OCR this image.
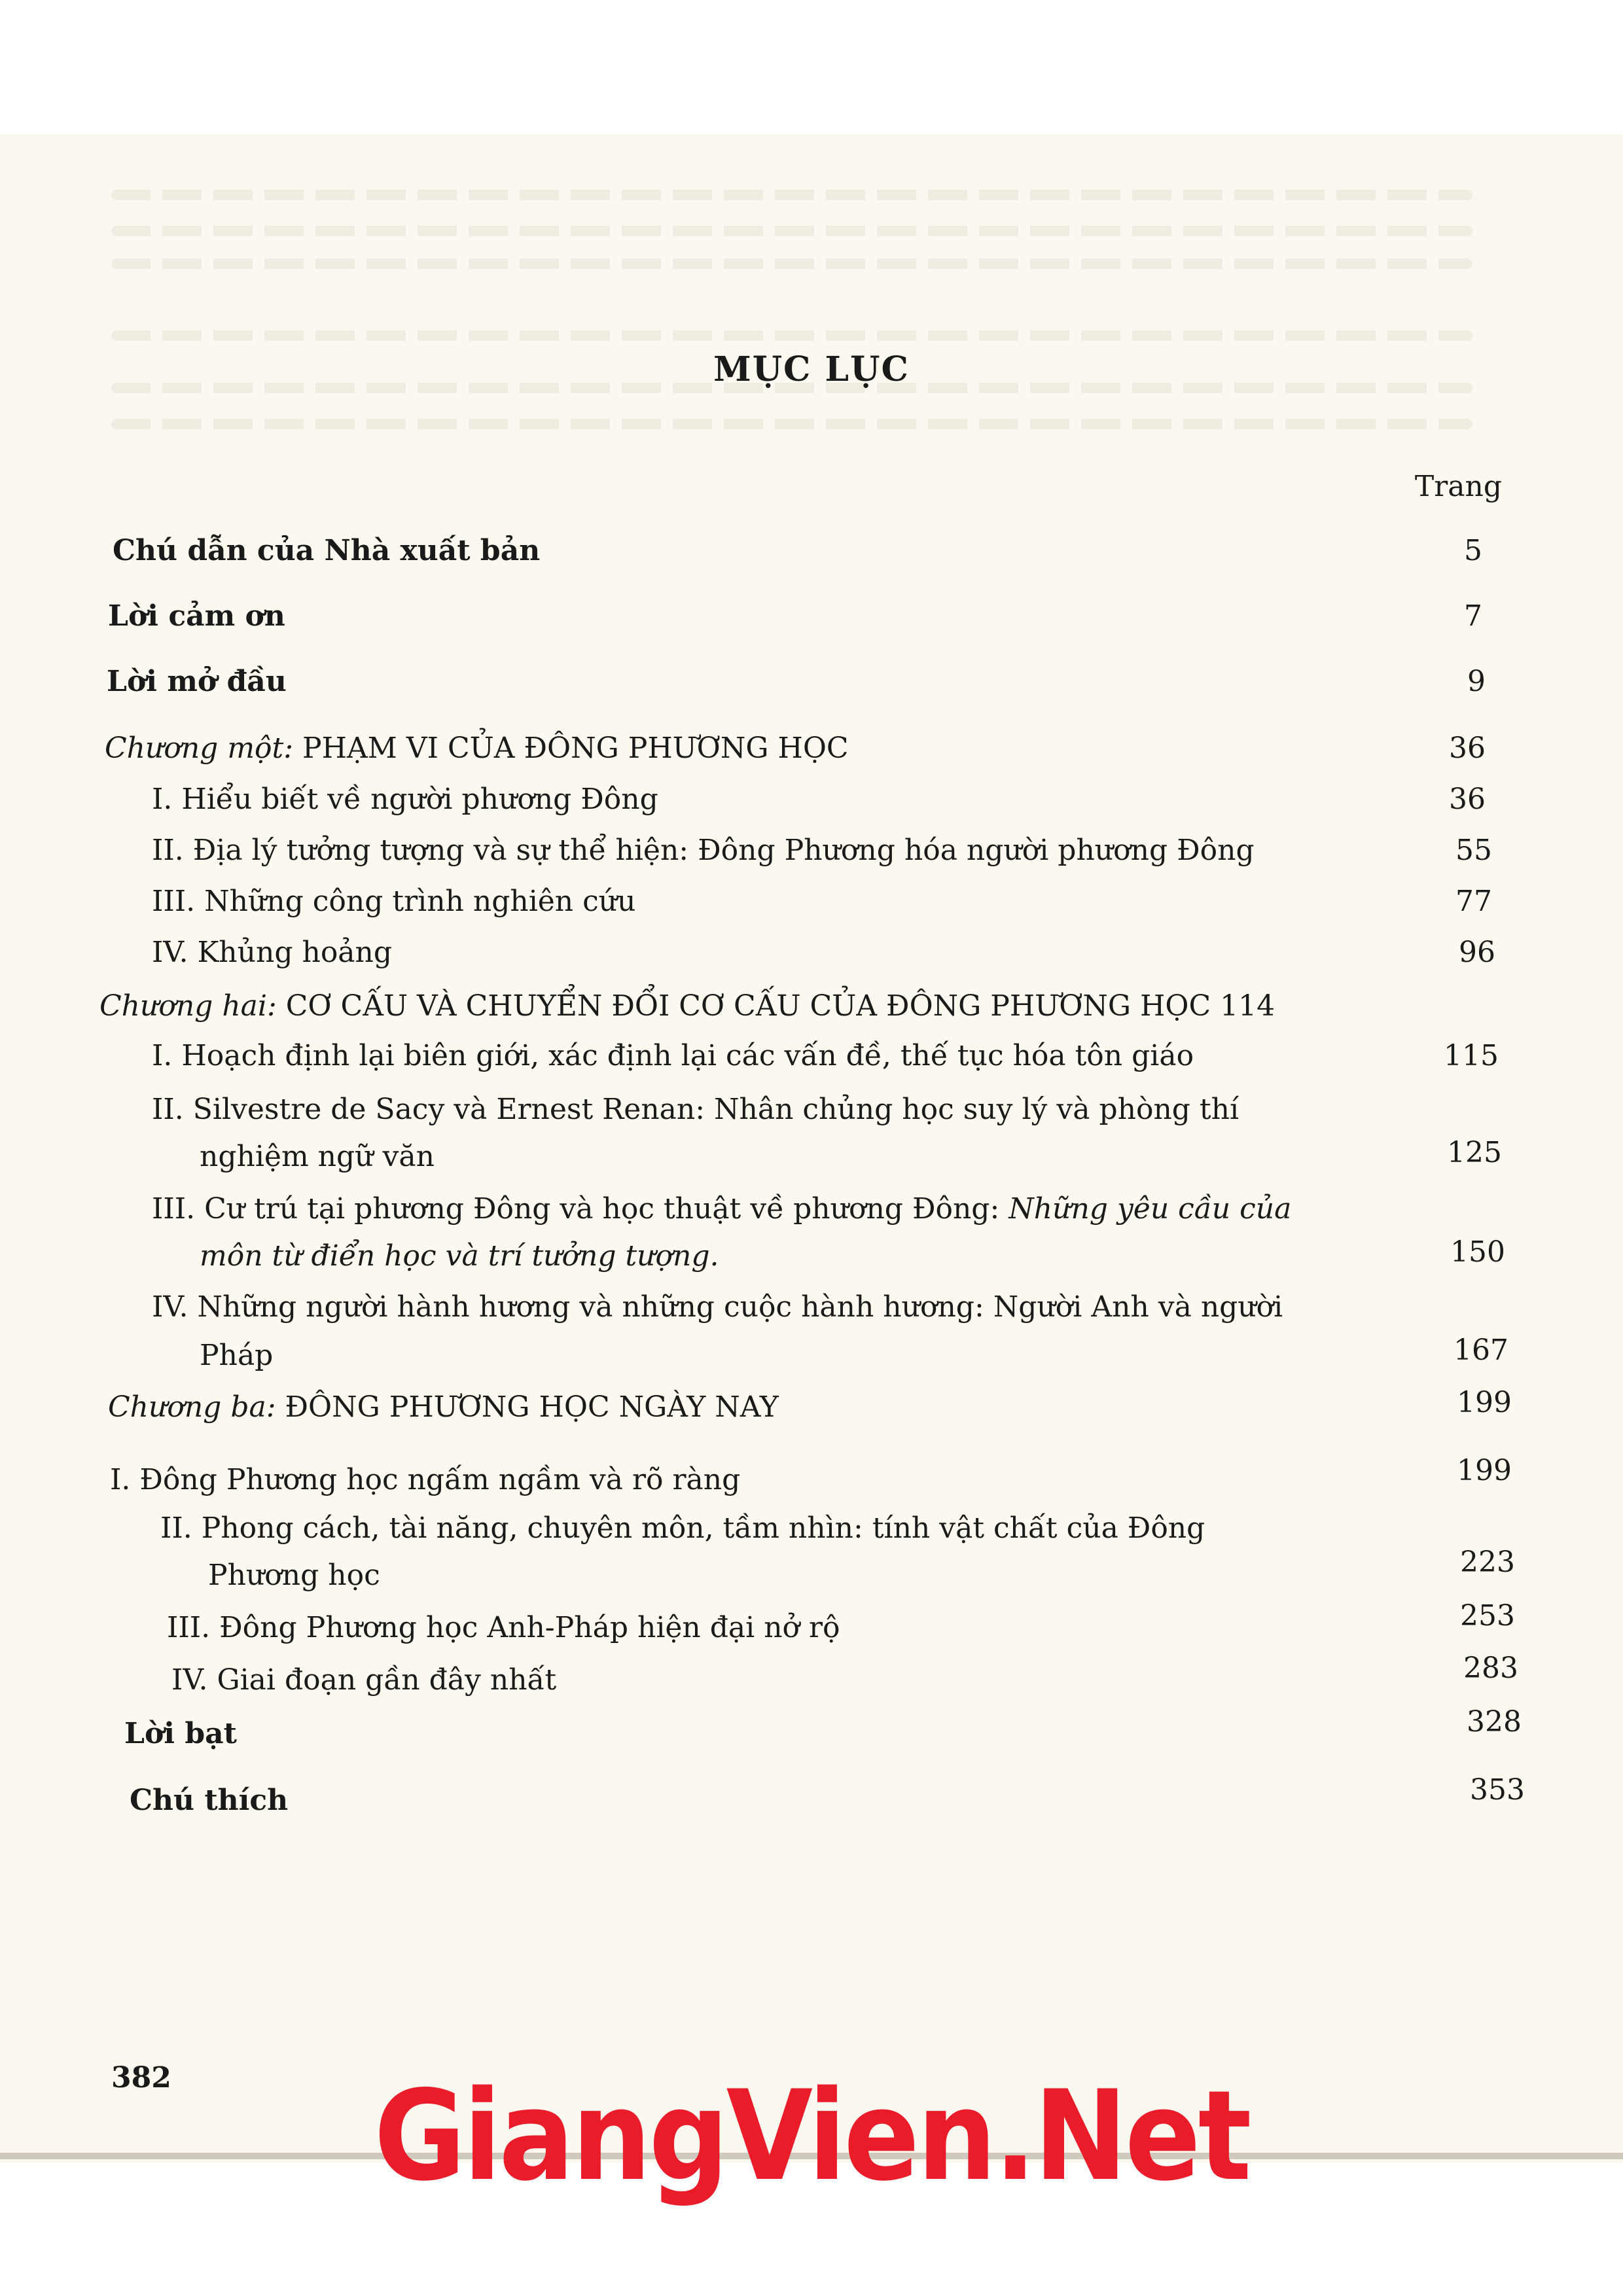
MỤC LỤC
Trang
Chú dẫn của Nhà xuất bản	5
Lời cảm ơn	7
Lời mở đầu	9
Chương một: PHẠM VI CỦA ĐÔNG PHƯƠNG HỌC	36
I. Hiểu biết về người phương Đông	36
II. Địa lý tưởng tượng và sự thể hiện: Đông Phương hóa người phương Đông	55
III. Những công trình nghiên cứu	77
IV. Khủng hoảng	96
Chương hai: CƠ CẤU VÀ CHUYỂN ĐỔI CƠ CẤU CỦA ĐÔNG PHƯƠNG HỌC 114
I. Hoạch định lại biên giới, xác định lại các vấn đề, thế tục hóa tôn giáo	115
II. Silvestre de Sacy và Ernest Renan: Nhân chủng học suy lý và phòng thí
nghiệm ngữ văn	125
III. Cư trú tại phương Đông và học thuật về phương Đông: Những yêu cầu của
môn từ điển học và trí tưởng tượng.	150
IV. Những người hành hương và những cuộc hành hương: Người Anh và người
Pháp	167
Chương ba: ĐÔNG PHƯƠNG HỌC NGÀY NAY	199
I. Đông Phương học ngấm ngầm và rõ ràng	199
II. Phong cách, tài năng, chuyên môn, tầm nhìn: tính vật chất của Đông
Phương học	223
III. Đông Phương học Anh-Pháp hiện đại nở rộ	253
IV. Giai đoạn gần đây nhất	283
Lời bạt	328
Chú thích	353
382	GiangVien.Net
